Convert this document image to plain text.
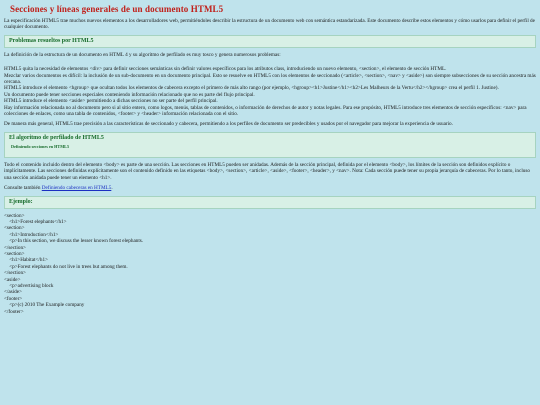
Secciones y líneas generales de un documento HTML5

La especificación HTML5 trae muchos nuevos elementos a los desarrolladores web, permitiéndoles describir la estructura de un documento web con semántica estandarizada. Este documento describe estos elementos y cómo usarlos para definir el perfil de cualquier documento.

Problemas resueltos por HTML5

La definición de la estructura de un documento en HTML 4 y su algoritmo de perfilado es muy tosco y genera numerosos problemas:

HTML5 quita la necesidad de elementos <div> para definir secciones semánticas sin definir valores específicos para los atributos class, introduciendo un nuevo elemento, <section>, el elemento de sección HTML.
Mezclar varios documentos es difícil: la inclusión de un sub-documento en un documento principal. Esto se resuelve en HTML5 con los elementos de seccionado (<article>, <section>, <nav> y <aside>) son siempre subsecciones de su sección ancestra más cercana.
HTML5 introduce el elemento <hgroup> que ocultan todos los elementos de cabecera excepto el primero de más alto rango (por ejemplo, <hgroup><h1>Justine</h1><h2>Les Malheurs de la Vertu</h2></hgroup> crea el perfil 1. Justine).
Un documento puede tener secciones especiales conteniendo información relacionado que no es parte del flujo principal.
HTML5 introduce el elemento <aside> permitiendo a dichas secciones no ser parte del perfil principal.
Hay información relacionada no al documento pero si al sitio entero, como logos, menús, tablas de contenidos, o información de derechos de autor y notas legales. Para ese propósito, HTML5 introduce tres elementos de sección específicos: <nav> para colecciones de enlaces, como una tabla de contenidos, <footer> y <header> información relacionada con el sitio.

De manera más general, HTML5 trae precisión a las características de seccionado y cabecera, permitiendo a los perfiles de documento ser predecibles y usados por el navegador para mejorar la experiencia de usuario.

El algoritmo de perfilado de HTML5
Definiendo secciones en HTML5

Todo el contenido incluido dentro del elemento <body> es parte de una sección. Las secciones en HTML5 pueden ser anidadas. Además de la sección principal, definida por el elemento <body>, los límites de la sección son definidos explícito o implícitamente. Las secciones definidas explícitamente son el contenido definido en las etiquetas <body>, <section>, <article>, <aside>, <footer>, <header>, y <nav>. Nota: Cada sección puede tener su propia jerarquía de cabeceras. Por lo tanto, incluso una sección anidada puede tener un elemento <h1>.

Consulte también Definiendo cabeceras en HTML5.

Ejemplo:
<section>
<h1>Forest elephants</h1>
<section>
<h1>Introduction</h1>
<p>In this section, we discuss the lesser known forest elephants.
</section>
<section>
<h1>Habitat</h1>
<p>Forest elephants do not live in trees but among them.
</section>
<aside>
<p>advertising block
</aside>
<footer>
<p>(c) 2010 The Example company
</footer>
